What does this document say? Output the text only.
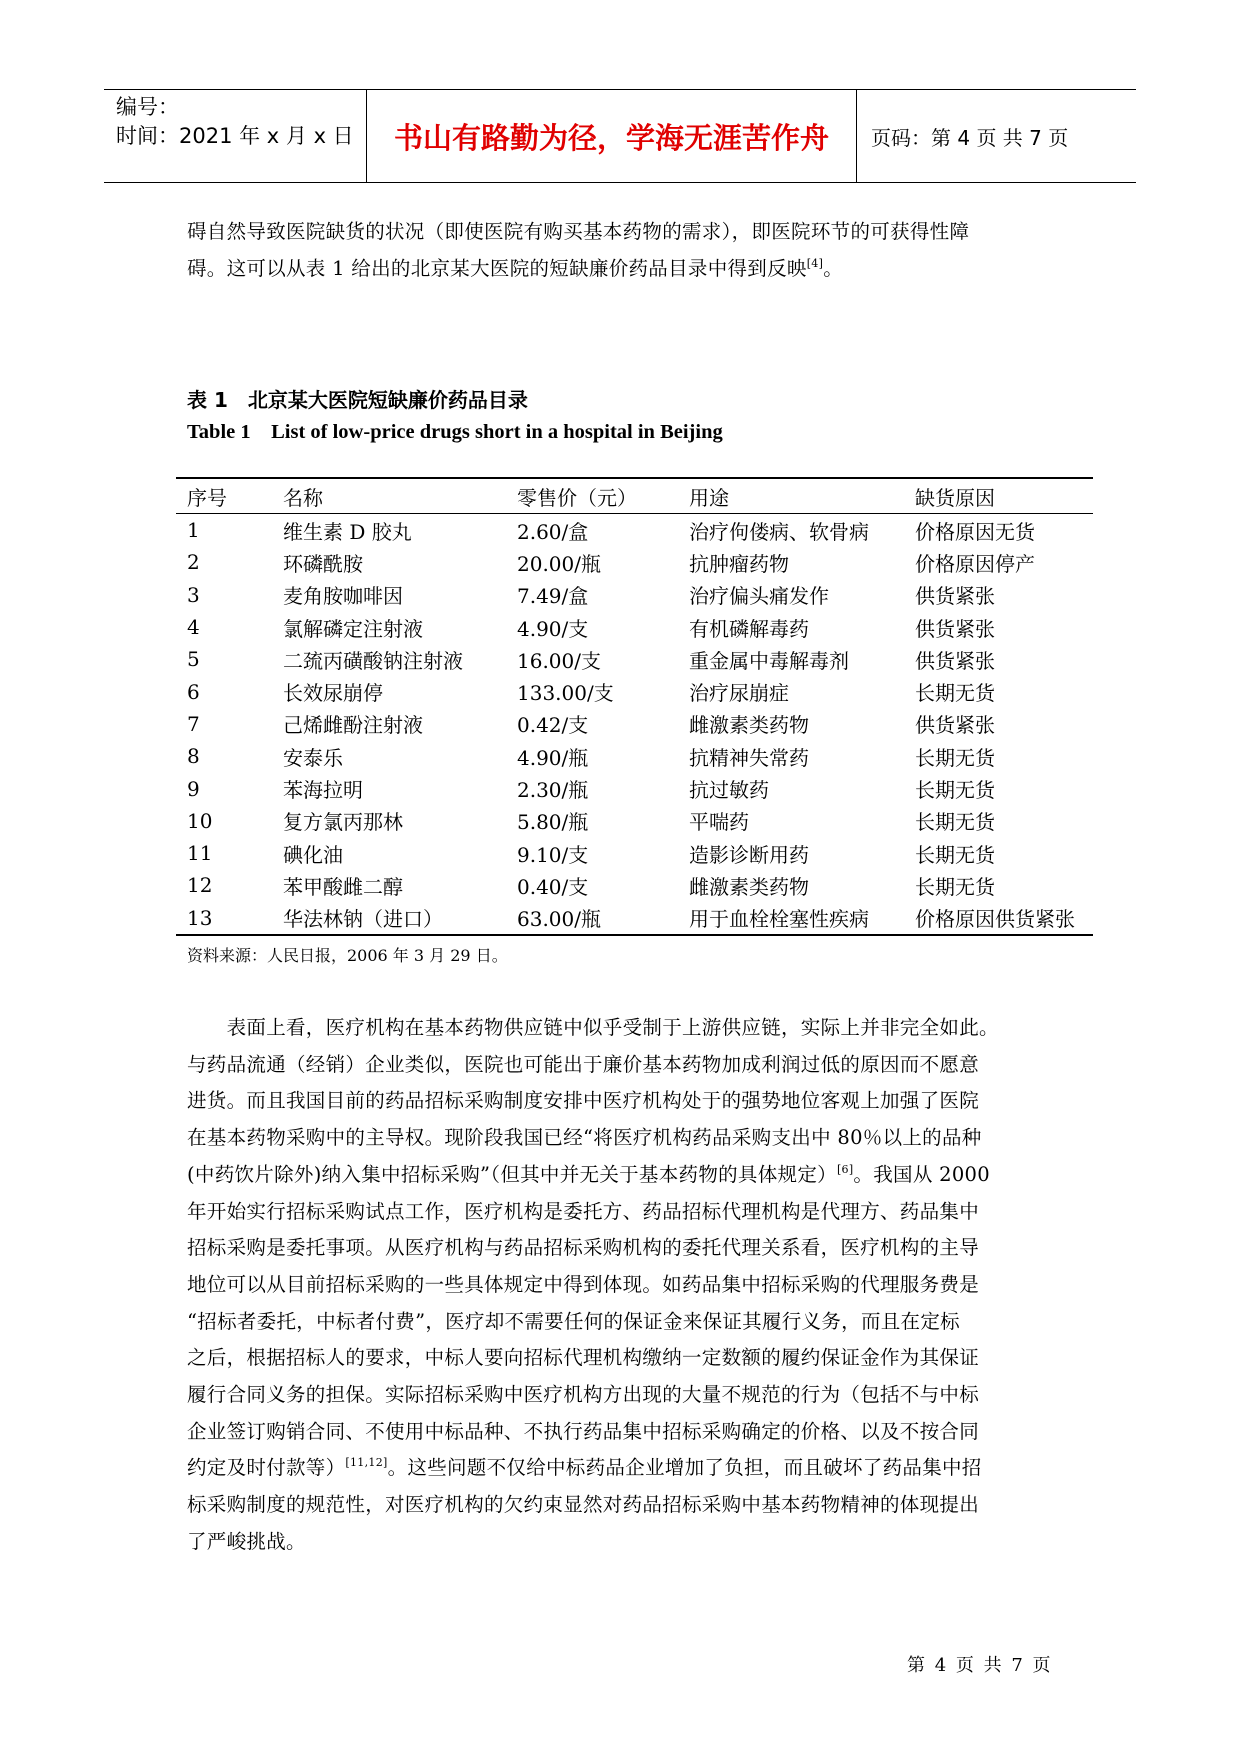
编号：
时间：2021 年 x 月 x 日	书山有路勤为径，学海无涯苦作舟	页码：第 4 页 共 7 页

碍自然导致医院缺货的状况（即使医院有购买基本药物的需求），即医院环节的可获得性障
碍。这可以从表 1 给出的北京某大医院的短缺廉价药品目录中得到反映[4]。

表 1　北京某大医院短缺廉价药品目录
Table 1　List of low-price drugs short in a hospital in Beijing
序号	名称	零售价（元）	用途	缺货原因
1	维生素 D 胶丸	2.60/盒	治疗佝偻病、软骨病	价格原因无货
2	环磷酰胺	20.00/瓶	抗肿瘤药物	价格原因停产
3	麦角胺咖啡因	7.49/盒	治疗偏头痛发作	供货紧张
4	氯解磷定注射液	4.90/支	有机磷解毒药	供货紧张
5	二巯丙磺酸钠注射液	16.00/支	重金属中毒解毒剂	供货紧张
6	长效尿崩停	133.00/支	治疗尿崩症	长期无货
7	己烯雌酚注射液	0.42/支	雌激素类药物	供货紧张
8	安泰乐	4.90/瓶	抗精神失常药	长期无货
9	苯海拉明	2.30/瓶	抗过敏药	长期无货
10	复方氯丙那林	5.80/瓶	平喘药	长期无货
11	碘化油	9.10/支	造影诊断用药	长期无货
12	苯甲酸雌二醇	0.40/支	雌激素类药物	长期无货
13	华法林钠（进口）	63.00/瓶	用于血栓栓塞性疾病	价格原因供货紧张
资料来源：人民日报，2006 年 3 月 29 日。

　　表面上看，医疗机构在基本药物供应链中似乎受制于上游供应链，实际上并非完全如此。
与药品流通（经销）企业类似，医院也可能出于廉价基本药物加成利润过低的原因而不愿意
进货。而且我国目前的药品招标采购制度安排中医疗机构处于的强势地位客观上加强了医院
在基本药物采购中的主导权。现阶段我国已经“将医疗机构药品采购支出中 80％以上的品种
(中药饮片除外)纳入集中招标采购”（但其中并无关于基本药物的具体规定）[6]。我国从 2000
年开始实行招标采购试点工作，医疗机构是委托方、药品招标代理机构是代理方、药品集中
招标采购是委托事项。从医疗机构与药品招标采购机构的委托代理关系看，医疗机构的主导
地位可以从目前招标采购的一些具体规定中得到体现。如药品集中招标采购的代理服务费是
“招标者委托，中标者付费”，医疗却不需要任何的保证金来保证其履行义务，而且在定标
之后，根据招标人的要求，中标人要向招标代理机构缴纳一定数额的履约保证金作为其保证
履行合同义务的担保。实际招标采购中医疗机构方出现的大量不规范的行为（包括不与中标
企业签订购销合同、不使用中标品种、不执行药品集中招标采购确定的价格、以及不按合同
约定及时付款等）[11,12]。这些问题不仅给中标药品企业增加了负担，而且破坏了药品集中招
标采购制度的规范性，对医疗机构的欠约束显然对药品招标采购中基本药物精神的体现提出
了严峻挑战。

第 4 页 共 7 页
